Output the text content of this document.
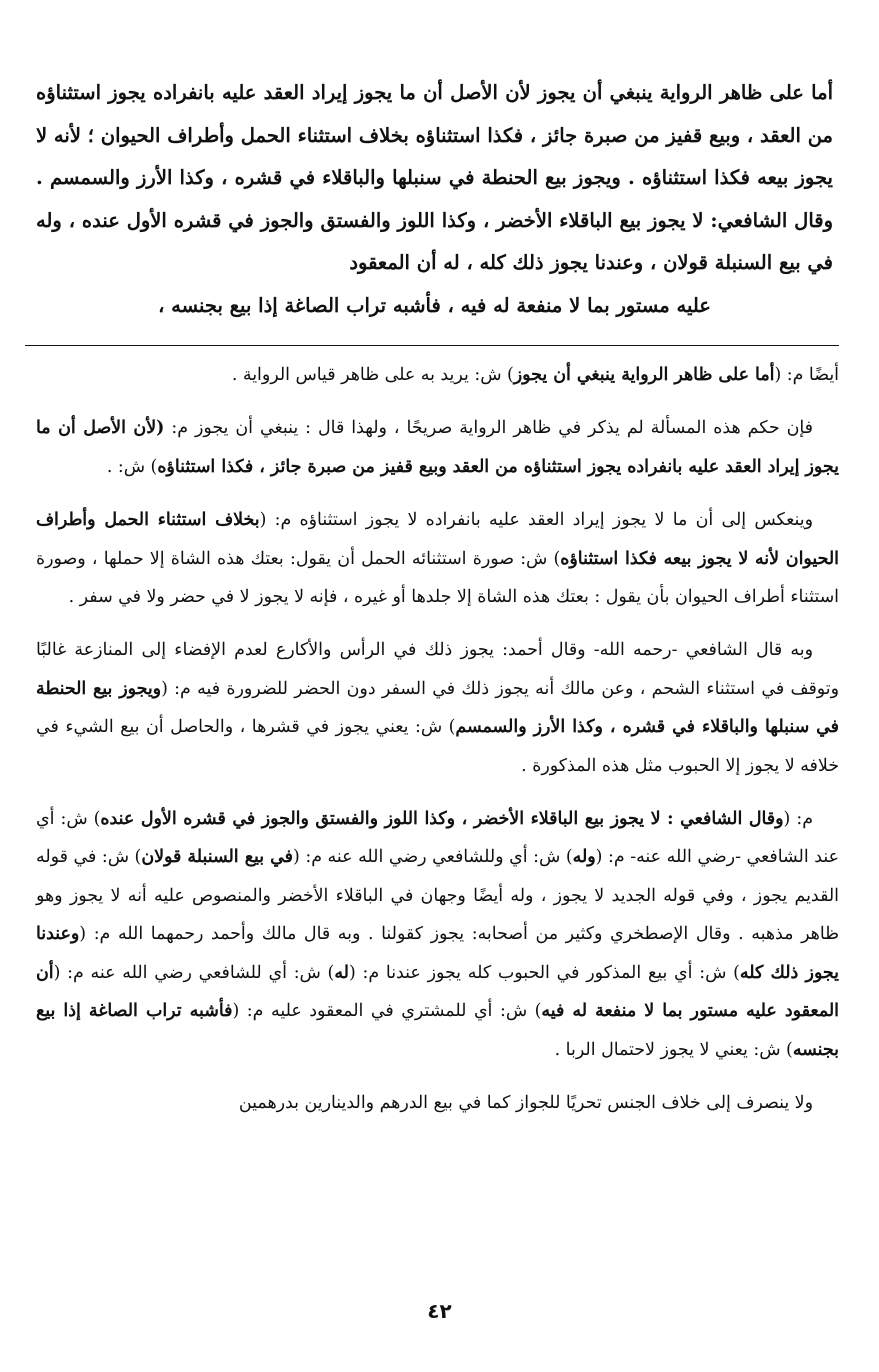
أما على ظاهر الرواية ينبغي أن يجوز لأن الأصل أن ما يجوز إيراد العقد عليه بانفراده يجوز استثناؤه من العقد ، وبيع قفيز من صبرة جائز ، فكذا استثناؤه بخلاف استثناء الحمل وأطراف الحيوان ؛ لأنه لا يجوز بيعه فكذا استثناؤه . ويجوز بيع الحنطة في سنبلها والباقلاء في قشره ، وكذا الأرز والسمسم . وقال الشافعي: لا يجوز بيع الباقلاء الأخضر ، وكذا اللوز والفستق والجوز في قشره الأول عنده ، وله في بيع السنبلة قولان ، وعندنا يجوز ذلك كله ، له أن المعقود

عليه مستور بما لا منفعة له فيه ، فأشبه تراب الصاغة إذا بيع بجنسه ،

أيضًا م: (أما على ظاهر الرواية ينبغي أن يجوز) ش: يريد به على ظاهر قياس الرواية .

فإن حكم هذه المسألة لم يذكر في ظاهر الرواية صريحًا ، ولهذا قال : ينبغي أن يجوز م: (لأن الأصل أن ما يجوز إيراد العقد عليه بانفراده يجوز استثناؤه من العقد وبيع قفيز من صبرة جائز ، فكذا استثناؤه) ش: .

وينعكس إلى أن ما لا يجوز إيراد العقد عليه بانفراده لا يجوز استثناؤه م: (بخلاف استثناء الحمل وأطراف الحيوان لأنه لا يجوز بيعه فكذا استثناؤه) ش: صورة استثنائه الحمل أن يقول: بعتك هذه الشاة إلا حملها ، وصورة استثناء أطراف الحيوان بأن يقول : بعتك هذه الشاة إلا جلدها أو غيره ، فإنه لا يجوز لا في حضر ولا في سفر .

وبه قال الشافعي -رحمه الله- وقال أحمد: يجوز ذلك في الرأس والأكارع لعدم الإفضاء إلى المنازعة غالبًا وتوقف في استثناء الشحم ، وعن مالك أنه يجوز ذلك في السفر دون الحضر للضرورة فيه م: (ويجوز بيع الحنطة في سنبلها والباقلاء في قشره ، وكذا الأرز والسمسم) ش: يعني يجوز في قشرها ، والحاصل أن بيع الشيء في خلافه لا يجوز إلا الحبوب مثل هذه المذكورة .

م: (وقال الشافعي : لا يجوز بيع الباقلاء الأخضر ، وكذا اللوز والفستق والجوز في قشره الأول عنده) ش: أي عند الشافعي -رضي الله عنه- م: (وله) ش: أي وللشافعي رضي الله عنه م: (في بيع السنبلة قولان) ش: في قوله القديم يجوز ، وفي قوله الجديد لا يجوز ، وله أيضًا وجهان في الباقلاء الأخضر والمنصوص عليه أنه لا يجوز وهو ظاهر مذهبه . وقال الإصطخري وكثير من أصحابه: يجوز كقولنا . وبه قال مالك وأحمد رحمهما الله م: (وعندنا يجوز ذلك كله) ش: أي بيع المذكور في الحبوب كله يجوز عندنا م: (له) ش: أي للشافعي رضي الله عنه م: (أن المعقود عليه مستور بما لا منفعة له فيه) ش: أي للمشتري في المعقود عليه م: (فأشبه تراب الصاغة إذا بيع بجنسه) ش: يعني لا يجوز لاحتمال الربا .

ولا ينصرف إلى خلاف الجنس تحريًا للجواز كما في بيع الدرهم والدينارين بدرهمين

٤٢
